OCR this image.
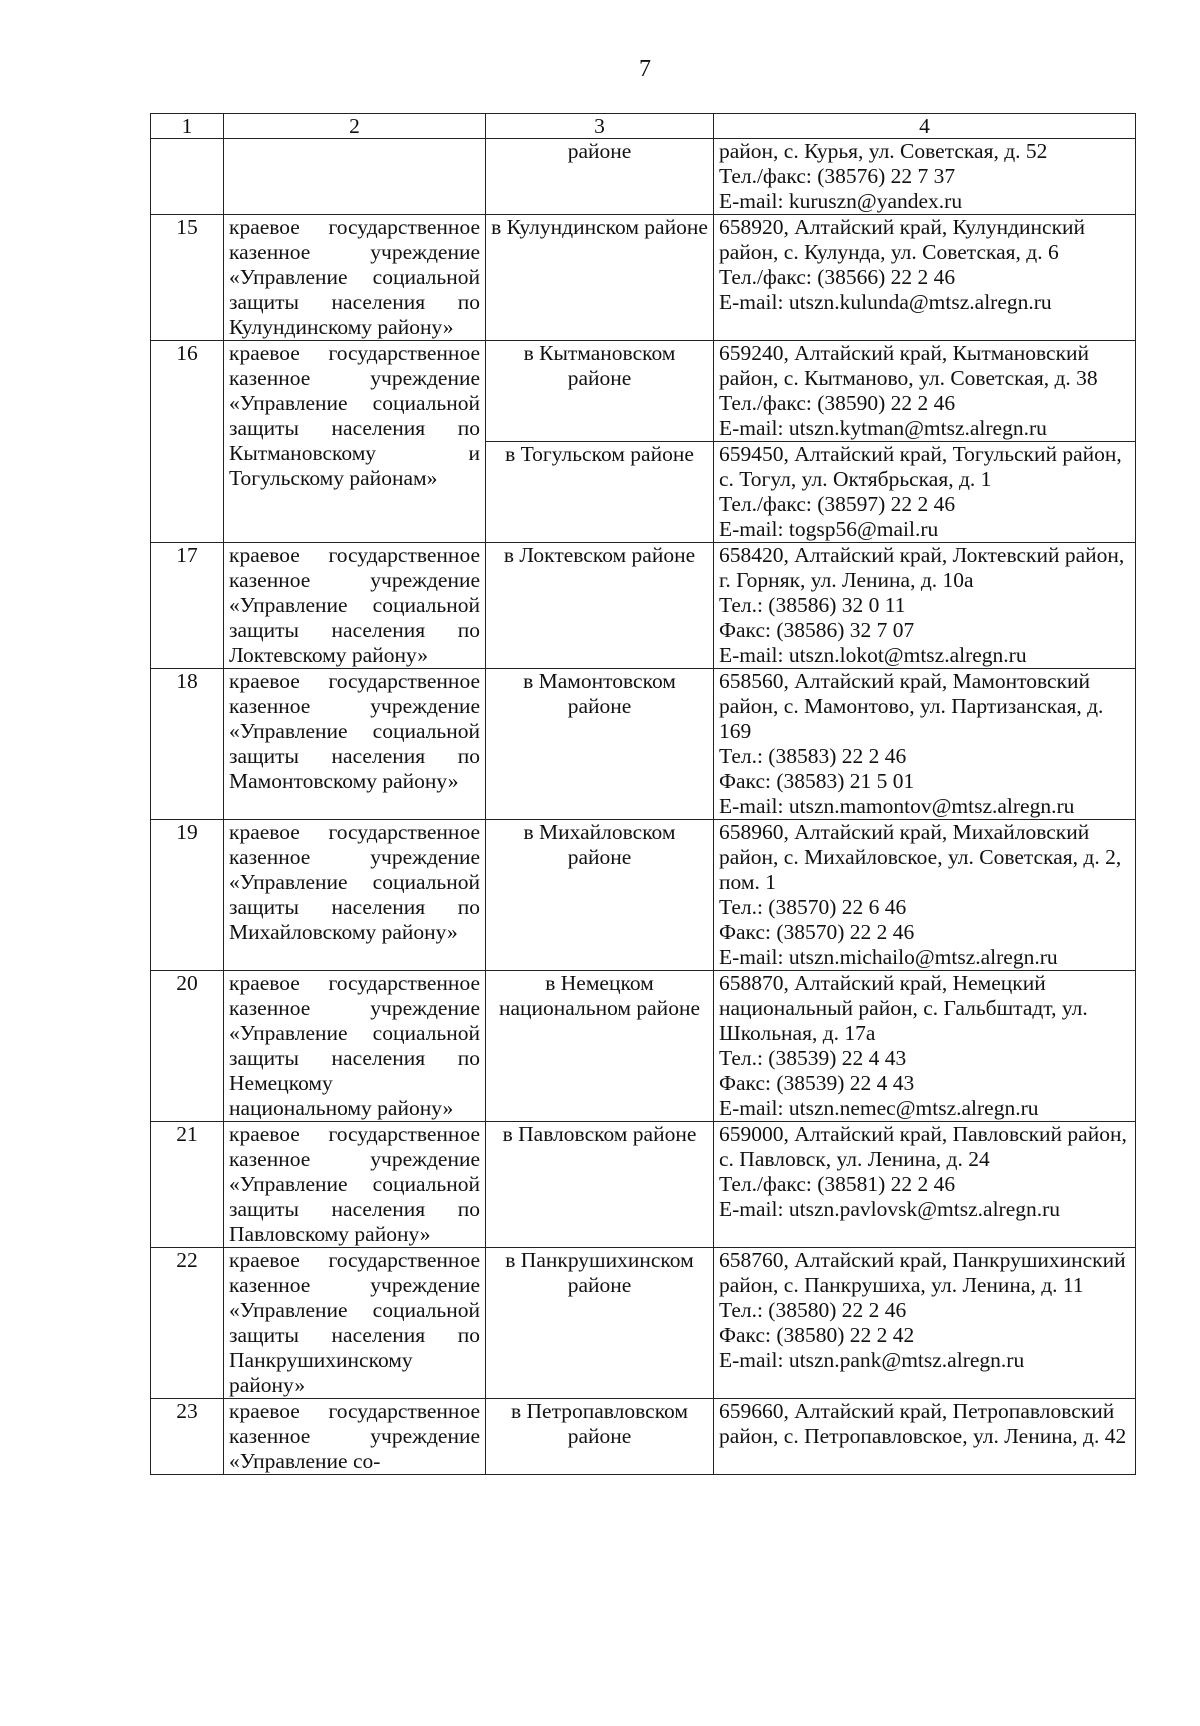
7
1	2	3	4
		районе	район, с. Курья, ул. Советская, д. 52
Тел./факс: (38576) 22 7 37
E-mail: kuruszn@yandex.ru

15	краевое государственное казенное учреждение «Управление социальной защиты населения по Кулундинскому району»	в Кулундинском районе	658920, Алтайский край, Кулундинский район, с. Кулунда, ул. Советская, д. 6
Тел./факс: (38566) 22 2 46
E-mail: utszn.kulunda@mtsz.alregn.ru

16	краевое государственное казенное учреждение «Управление социальной защиты населения по Кытмановскому и Тогульскому районам»	в Кытмановском районе	659240, Алтайский край, Кытмановский район, с. Кытманово, ул. Советская, д. 38
Тел./факс: (38590) 22 2 46
E-mail: utszn.kytman@mtsz.alregn.ru

		в Тогульском районе	659450, Алтайский край, Тогульский район, с. Тогул, ул. Октябрьская, д. 1
Тел./факс: (38597) 22 2 46
E-mail: togsp56@mail.ru

17	краевое государственное казенное учреждение «Управление социальной защиты населения по Локтевскому району»	в Локтевском районе	658420, Алтайский край, Локтевский район, г. Горняк, ул. Ленина, д. 10а
Тел.: (38586) 32 0 11
Факс: (38586) 32 7 07
E-mail: utszn.lokot@mtsz.alregn.ru

18	краевое государственное казенное учреждение «Управление социальной защиты населения по Мамонтовскому району»	в Мамонтовском районе	658560, Алтайский край, Мамонтовский район, с. Мамонтово, ул. Партизанская, д. 169
Тел.: (38583) 22 2 46
Факс: (38583) 21 5 01
E-mail: utszn.mamontov@mtsz.alregn.ru

19	краевое государственное казенное учреждение «Управление социальной защиты населения по Михайловскому району»	в Михайловском районе	658960, Алтайский край, Михайловский район, с. Михайловское, ул. Советская, д. 2, пом. 1
Тел.: (38570) 22 6 46
Факс: (38570) 22 2 46
E-mail: utszn.michailo@mtsz.alregn.ru

20	краевое государственное казенное учреждение «Управление социальной защиты населения по Немецкому национальному району»	в Немецком национальном районе	658870, Алтайский край, Немецкий национальный район, с. Гальбштадт, ул. Школьная, д. 17а
Тел.: (38539) 22 4 43
Факс: (38539) 22 4 43
E-mail: utszn.nemec@mtsz.alregn.ru

21	краевое государственное казенное учреждение «Управление социальной защиты населения по Павловскому району»	в Павловском районе	659000, Алтайский край, Павловский район, с. Павловск, ул. Ленина, д. 24
Тел./факс: (38581) 22 2 46
E-mail: utszn.pavlovsk@mtsz.alregn.ru

22	краевое государственное казенное учреждение «Управление социальной защиты населения по Панкрушихинскому району»	в Панкрушихинском районе	658760, Алтайский край, Панкрушихинский район, с. Панкрушиха, ул. Ленина, д. 11
Тел.: (38580) 22 2 46
Факс: (38580) 22 2 42
E-mail: utszn.pank@mtsz.alregn.ru

23	краевое государственное казенное учреждение «Управление со-	в Петропавловском районе	659660, Алтайский край, Петропавловский район, с. Петропавловское, ул. Ленина, д. 42
